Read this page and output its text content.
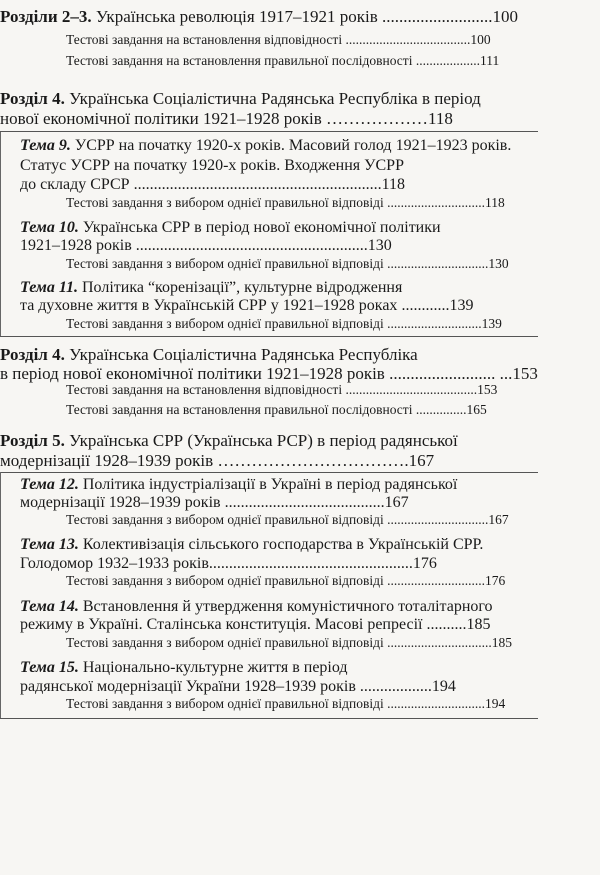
Розділи 2–3. Українська революція 1917–1921 років ..........................100
Тестові завдання на встановлення відповідності .....................................100
Тестові завдання на встановлення правильної послідовності ...................111
Розділ 4. Українська Соціалістична Радянська Республіка в період
нової економічної політики 1921–1928 років ………………118
Тема 9. УСРР на початку 1920-х років. Масовий голод 1921–1923 років.
Статус УСРР на початку 1920-х років. Входження УСРР
до складу СРСР ..............................................................118
Тестові завдання з вибором однієї правильної відповіді .............................118
Тема 10. Українська СРР в період нової економічної політики
1921–1928 років ..........................................................130
Тестові завдання з вибором однієї правильної відповіді ..............................130
Тема 11. Політика “коренізації”, культурне відродження
та духовне життя в Українській СРР у 1921–1928 роках ............139
Тестові завдання з вибором однієї правильної відповіді ............................139
Розділ 4. Українська Соціалістична Радянська Республіка
в період нової економічної політики 1921–1928 років ......................... ...153
Тестові завдання на встановлення відповідності .......................................153
Тестові завдання на встановлення правильної послідовності ...............165
Розділ 5. Українська СРР (Українська РСР) в період радянської
модернізації 1928–1939 років …………………………….167
Тема 12. Політика індустріалізації в Україні в період радянської
модернізації 1928–1939 років ........................................167
Тестові завдання з вибором однієї правильної відповіді ..............................167
Тема 13. Колективізація сільського господарства в Українській СРР.
Голодомор 1932–1933 років...................................................176
Тестові завдання з вибором однієї правильної відповіді .............................176
Тема 14. Встановлення й утвердження комуністичного тоталітарного
режиму в Україні. Сталінська конституція. Масові репресії ..........185
Тестові завдання з вибором однієї правильної відповіді ...............................185
Тема 15. Національно-культурне життя в період
радянської модернізації України 1928–1939 років ..................194
Тестові завдання з вибором однієї правильної відповіді .............................194
